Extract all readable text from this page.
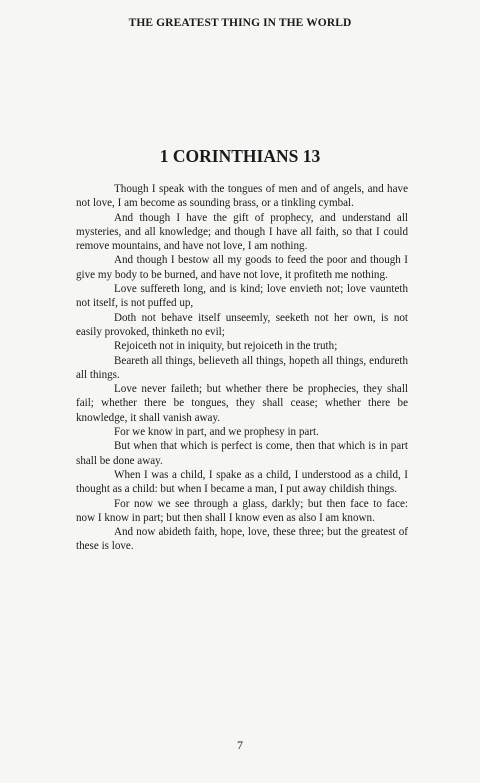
THE GREATEST THING IN THE WORLD
1 CORINTHIANS 13

Though I speak with the tongues of men and of angels, and have not love, I am become as sounding brass, or a tinkling cymbal.

And though I have the gift of prophecy, and understand all mysteries, and all knowledge; and though I have all faith, so that I could remove mountains, and have not love, I am nothing.

And though I bestow all my goods to feed the poor and though I give my body to be burned, and have not love, it profiteth me nothing.

Love suffereth long, and is kind; love envieth not; love vaunteth not itself, is not puffed up,

Doth not behave itself unseemly, seeketh not her own, is not easily provoked, thinketh no evil;

Rejoiceth not in iniquity, but rejoiceth in the truth;

Beareth all things, believeth all things, hopeth all things, endureth all things.

Love never faileth; but whether there be prophecies, they shall fail; whether there be tongues, they shall cease; whether there be knowledge, it shall vanish away.

For we know in part, and we prophesy in part.

But when that which is perfect is come, then that which is in part shall be done away.

When I was a child, I spake as a child, I understood as a child, I thought as a child: but when I became a man, I put away childish things.

For now we see through a glass, darkly; but then face to face: now I know in part; but then shall I know even as also I am known.

And now abideth faith, hope, love, these three; but the greatest of these is love.

7
